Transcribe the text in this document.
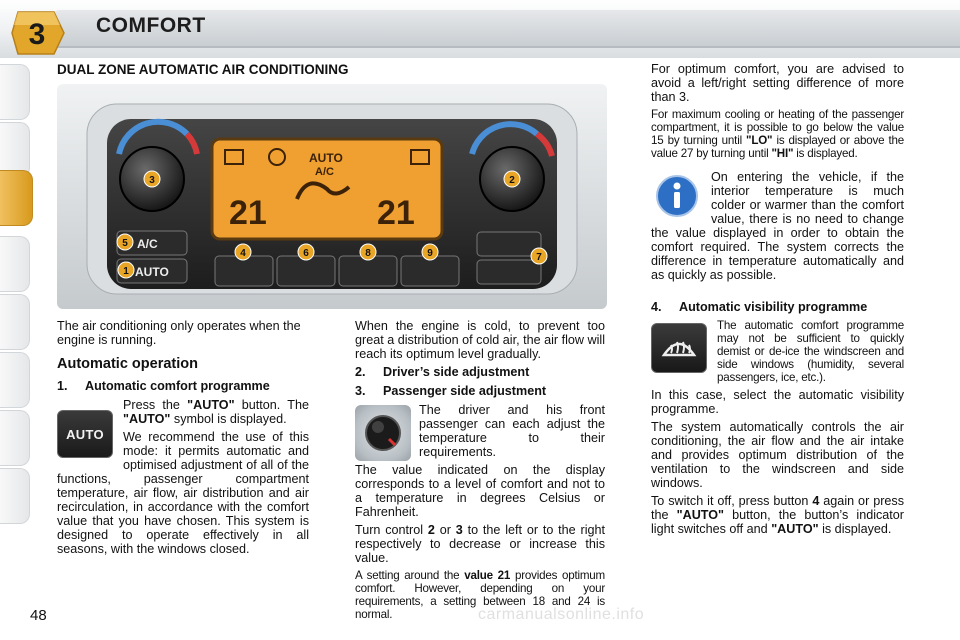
3 COMFORT
DUAL ZONE AUTOMATIC AIR CONDITIONING
21	21
AUTO
A/C
A/C
AUTO
1
2
3
4
5
6	7
8	9

The air conditioning only operates when the engine is running.

Automatic operation
1.	Automatic comfort programme
AUTO

Press the "AUTO" button. The "AUTO" symbol is displayed.

We recommend the use of this mode: it permits automatic and optimised adjustment of all of the functions, passenger compartment temperature, air flow, air distribution and air recirculation, in accordance with the comfort value that you have chosen. This system is designed to operate effectively in all seasons, with the windows closed.

When the engine is cold, to prevent too great a distribution of cold air, the air flow will reach its optimum level gradually.

2.	Driver’s side adjustment
3.	Passenger side adjustment

The driver and his front passenger can each adjust the temperature to their requirements.

The value indicated on the display corresponds to a level of comfort and not to a temperature in degrees Celsius or Fahrenheit.

Turn control 2 or 3 to the left or to the right respectively to decrease or increase this value.

A setting around the value 21 provides optimum comfort. However, depending on your requirements, a setting between 18 and 24 is normal.

For optimum comfort, you are advised to avoid a left/right setting difference of more than 3.

For maximum cooling or heating of the passenger compartment, it is possible to go below the value 15 by turning until "LO" is displayed or above the value 27 by turning until "HI" is displayed.

On entering the vehicle, if the interior temperature is much colder or warmer than the comfort value, there is no need to change the value displayed in order to obtain the comfort required. The system corrects the difference in temperature automatically and as quickly as possible.

4.	Automatic visibility programme

The automatic comfort programme may not be sufficient to quickly demist or de-ice the windscreen and side windows (humidity, several passengers, ice, etc.).

In this case, select the automatic visibility programme.

The system automatically controls the air conditioning, the air flow and the air intake and provides optimum distribution of the ventilation to the windscreen and side windows.

To switch it off, press button 4 again or press the "AUTO" button, the button’s indicator light switches off and "AUTO" is displayed.

48	carmanualsonline.info
